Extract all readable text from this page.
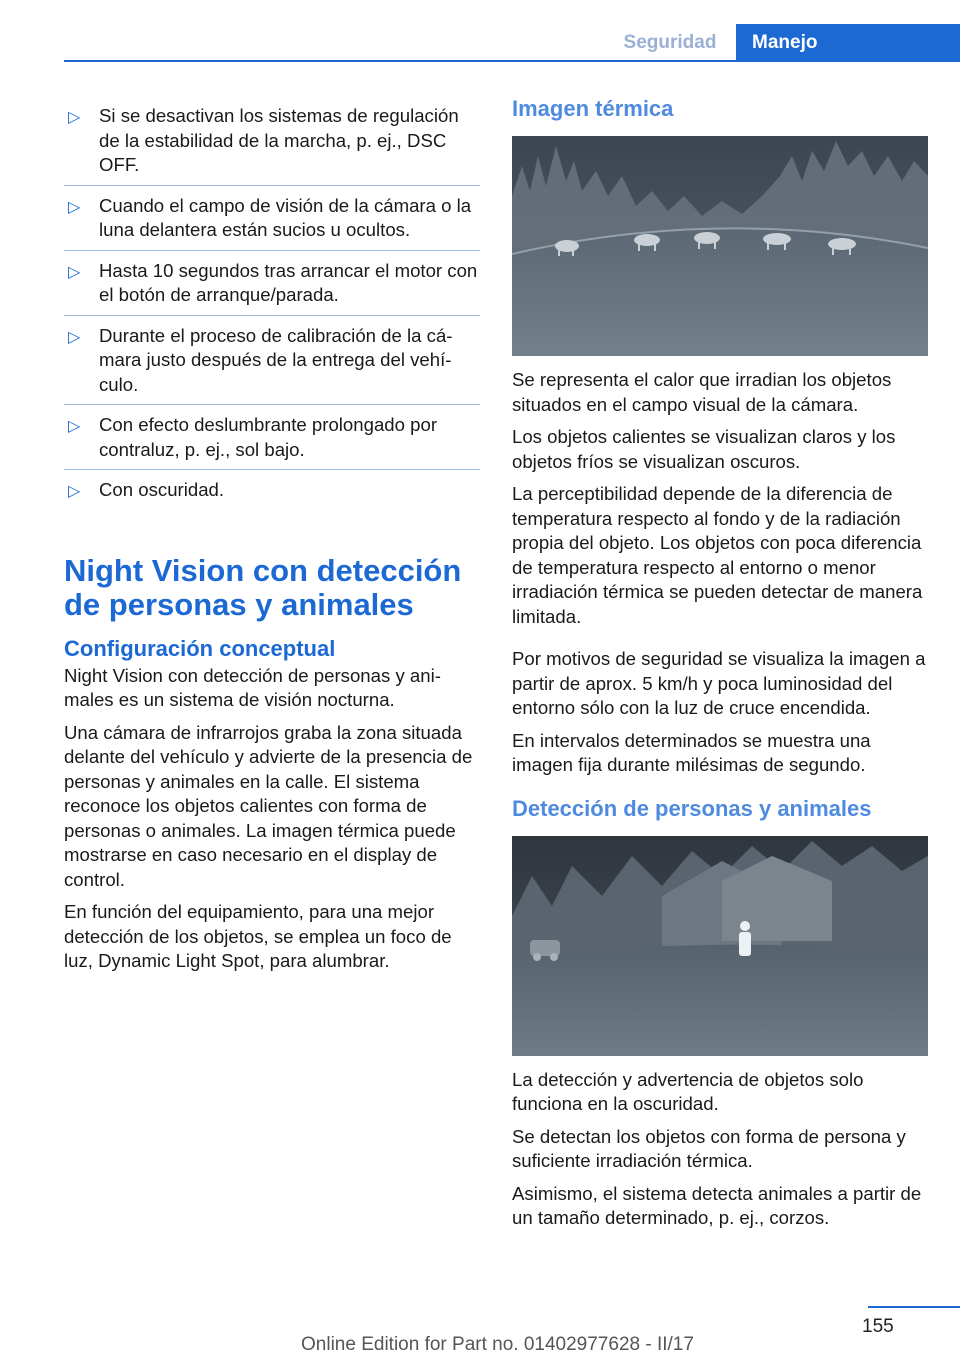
Seguridad	Manejo
▷ Si se desactivan los sistemas de regulación de la estabilidad de la marcha, p. ej., DSC OFF.
▷ Cuando el campo de visión de la cámara o la luna delantera están sucios u ocultos.
▷ Hasta 10 segundos tras arrancar el motor con el botón de arranque/parada.
▷ Durante el proceso de calibración de la cámara justo después de la entrega del vehículo.
▷ Con efecto deslumbrante prolongado por contraluz, p. ej., sol bajo.
▷ Con oscuridad.
Night Vision con detección de personas y animales
Configuración conceptual

Night Vision con detección de personas y animales es un sistema de visión nocturna.

Una cámara de infrarrojos graba la zona situada delante del vehículo y advierte de la presencia de personas y animales en la calle. El sistema reconoce los objetos calientes con forma de personas o animales. La imagen térmica puede mostrarse en caso necesario en el display de control.

En función del equipamiento, para una mejor detección de los objetos, se emplea un foco de luz, Dynamic Light Spot, para alumbrar.

Imagen térmica

Se representa el calor que irradian los objetos situados en el campo visual de la cámara.

Los objetos calientes se visualizan claros y los objetos fríos se visualizan oscuros.

La perceptibilidad depende de la diferencia de temperatura respecto al fondo y de la radiación propia del objeto. Los objetos con poca diferencia de temperatura respecto al entorno o menor irradiación térmica se pueden detectar de manera limitada.

Por motivos de seguridad se visualiza la imagen a partir de aprox. 5 km/h y poca luminosidad del entorno sólo con la luz de cruce encendida.

En intervalos determinados se muestra una imagen fija durante milésimas de segundo.

Detección de personas y animales

La detección y advertencia de objetos solo funciona en la oscuridad.

Se detectan los objetos con forma de persona y suficiente irradiación térmica.

Asimismo, el sistema detecta animales a partir de un tamaño determinado, p. ej., corzos.

155
Online Edition for Part no. 01402977628 - II/17
